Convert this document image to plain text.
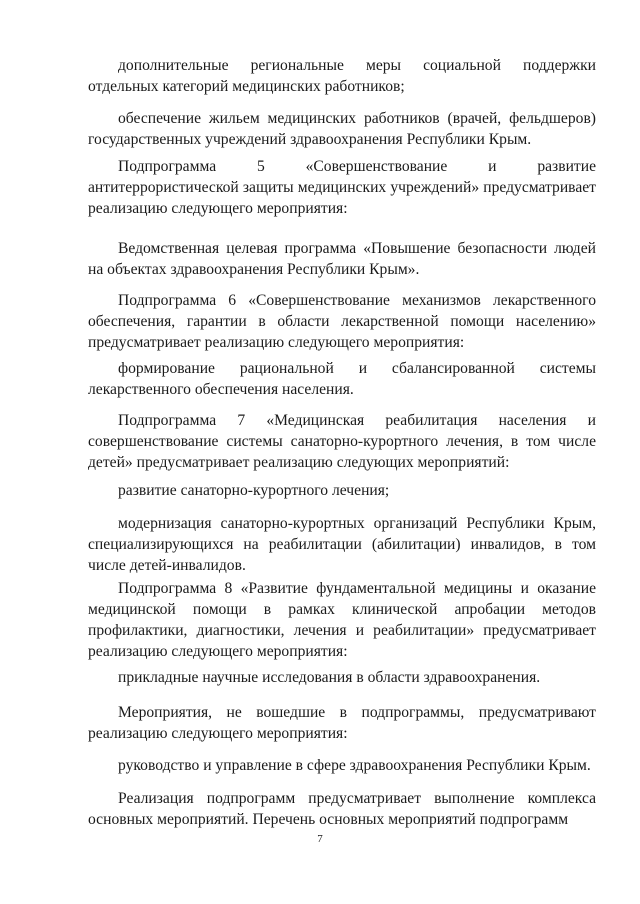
дополнительные региональные меры социальной поддержки отдельных категорий медицинских работников;

обеспечение жильем медицинских работников (врачей, фельдшеров) государственных учреждений здравоохранения Республики Крым.

Подпрограмма 5 «Совершенствование и развитие антитеррористической защиты медицинских учреждений» предусматривает реализацию следующего мероприятия:

Ведомственная целевая программа «Повышение безопасности людей на объектах здравоохранения Республики Крым».

Подпрограмма 6 «Совершенствование механизмов лекарственного обеспечения, гарантии в области лекарственной помощи населению» предусматривает реализацию следующего мероприятия:

формирование рациональной и сбалансированной системы лекарственного обеспечения населения.

Подпрограмма 7 «Медицинская реабилитация населения и совершенствование системы санаторно-курортного лечения, в том числе детей» предусматривает реализацию следующих мероприятий:

развитие санаторно-курортного лечения;

модернизация санаторно-курортных организаций Республики Крым, специализирующихся на реабилитации (абилитации) инвалидов, в том числе детей-инвалидов.

Подпрограмма 8 «Развитие фундаментальной медицины и оказание медицинской помощи в рамках клинической апробации методов профилактики, диагностики, лечения и реабилитации» предусматривает реализацию следующего мероприятия:

прикладные научные исследования в области здравоохранения.

Мероприятия, не вошедшие в подпрограммы, предусматривают реализацию следующего мероприятия:

руководство и управление в сфере здравоохранения Республики Крым.

Реализация подпрограмм предусматривает выполнение комплекса основных мероприятий. Перечень основных мероприятий подпрограмм

7
